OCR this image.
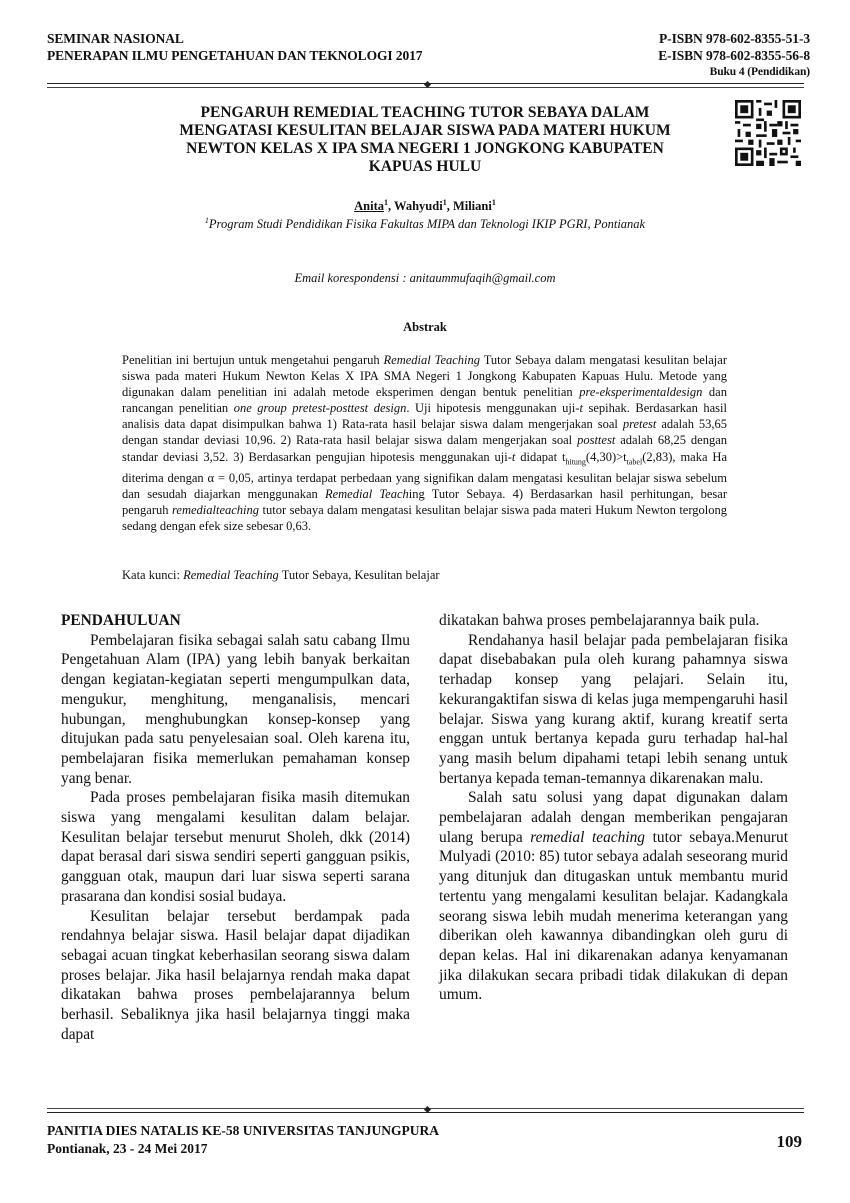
SEMINAR NASIONAL
PENERAPAN ILMU PENGETAHUAN DAN TEKNOLOGI 2017
P-ISBN 978-602-8355-51-3
E-ISBN 978-602-8355-56-8
Buku 4 (Pendidikan)
PENGARUH REMEDIAL TEACHING TUTOR SEBAYA DALAM
MENGATASI KESULITAN BELAJAR SISWA PADA MATERI HUKUM
NEWTON KELAS X IPA SMA NEGERI 1 JONGKONG KABUPATEN
KAPUAS HULU
Anita$^1$, Wahyudi$^1$, Miliani$^1$
$^1$Program Studi Pendidikan Fisika Fakultas MIPA dan Teknologi IKIP PGRI, Pontianak
Email korespondensi : anitaummufaqih@gmail.com
Abstrak
Penelitian ini bertujun untuk mengetahui pengaruh Remedial Teaching Tutor Sebaya dalam mengatasi kesulitan belajar siswa pada materi Hukum Newton Kelas X IPA SMA Negeri 1 Jongkong Kabupaten Kapuas Hulu. Metode yang digunakan dalam penelitian ini adalah metode eksperimen dengan bentuk penelitian pre-eksperimentaldesign dan rancangan penelitian one group pretest-posttest design. Uji hipotesis menggunakan uji-t sepihak. Berdasarkan hasil analisis data dapat disimpulkan bahwa 1) Rata-rata hasil belajar siswa dalam mengerjakan soal pretest adalah 53,65 dengan standar deviasi 10,96. 2) Rata-rata hasil belajar siswa dalam mengerjakan soal posttest adalah 68,25 dengan standar deviasi 3,52. 3) Berdasarkan pengujian hipotesis menggunakan uji-t didapat $t_{hitung}(4,30)>t_{tabel}(2,83)$, maka Ha diterima dengan α = 0,05, artinya terdapat perbedaan yang signifikan dalam mengatasi kesulitan belajar siswa sebelum dan sesudah diajarkan menggunakan Remedial Teaching Tutor Sebaya. 4) Berdasarkan hasil perhitungan, besar pengaruh remedialteaching tutor sebaya dalam mengatasi kesulitan belajar siswa pada materi Hukum Newton tergolong sedang dengan efek size sebesar 0,63.
Kata kunci: Remedial Teaching Tutor Sebaya, Kesulitan belajar
PENDAHULUAN

Pembelajaran fisika sebagai salah satu cabang Ilmu Pengetahuan Alam (IPA) yang lebih banyak berkaitan dengan kegiatan-kegiatan seperti mengumpulkan data, mengukur, menghitung, menganalisis, mencari hubungan, menghubungkan konsep-konsep yang ditujukan pada satu penyelesaian soal. Oleh karena itu, pembelajaran fisika memerlukan pemahaman konsep yang benar.

Pada proses pembelajaran fisika masih ditemukan siswa yang mengalami kesulitan dalam belajar. Kesulitan belajar tersebut menurut Sholeh, dkk (2014) dapat berasal dari siswa sendiri seperti gangguan psikis, gangguan otak, maupun dari luar siswa seperti sarana prasarana dan kondisi sosial budaya.

Kesulitan belajar tersebut berdampak pada rendahnya belajar siswa. Hasil belajar dapat dijadikan sebagai acuan tingkat keberhasilan seorang siswa dalam proses belajar. Jika hasil belajarnya rendah maka dapat dikatakan bahwa proses pembelajarannya belum berhasil. Sebaliknya jika hasil belajarnya tinggi maka dapat

dikatakan bahwa proses pembelajarannya baik pula.

Rendahanya hasil belajar pada pembelajaran fisika dapat disebabakan pula oleh kurang pahamnya siswa terhadap konsep yang pelajari. Selain itu, kekurangaktifan siswa di kelas juga mempengaruhi hasil belajar. Siswa yang kurang aktif, kurang kreatif serta enggan untuk bertanya kepada guru terhadap hal-hal yang masih belum dipahami tetapi lebih senang untuk bertanya kepada teman-temannya dikarenakan malu.

Salah satu solusi yang dapat digunakan dalam pembelajaran adalah dengan memberikan pengajaran ulang berupa remedial teaching tutor sebaya.Menurut Mulyadi (2010: 85) tutor sebaya adalah seseorang murid yang ditunjuk dan ditugaskan untuk membantu murid tertentu yang mengalami kesulitan belajar. Kadangkala seorang siswa lebih mudah menerima keterangan yang diberikan oleh kawannya dibandingkan oleh guru di depan kelas. Hal ini dikarenakan adanya kenyamanan jika dilakukan secara pribadi tidak dilakukan di depan umum.

PANITIA DIES NATALIS KE-58 UNIVERSITAS TANJUNGPURA
Pontianak, 23 - 24 Mei 2017	109
